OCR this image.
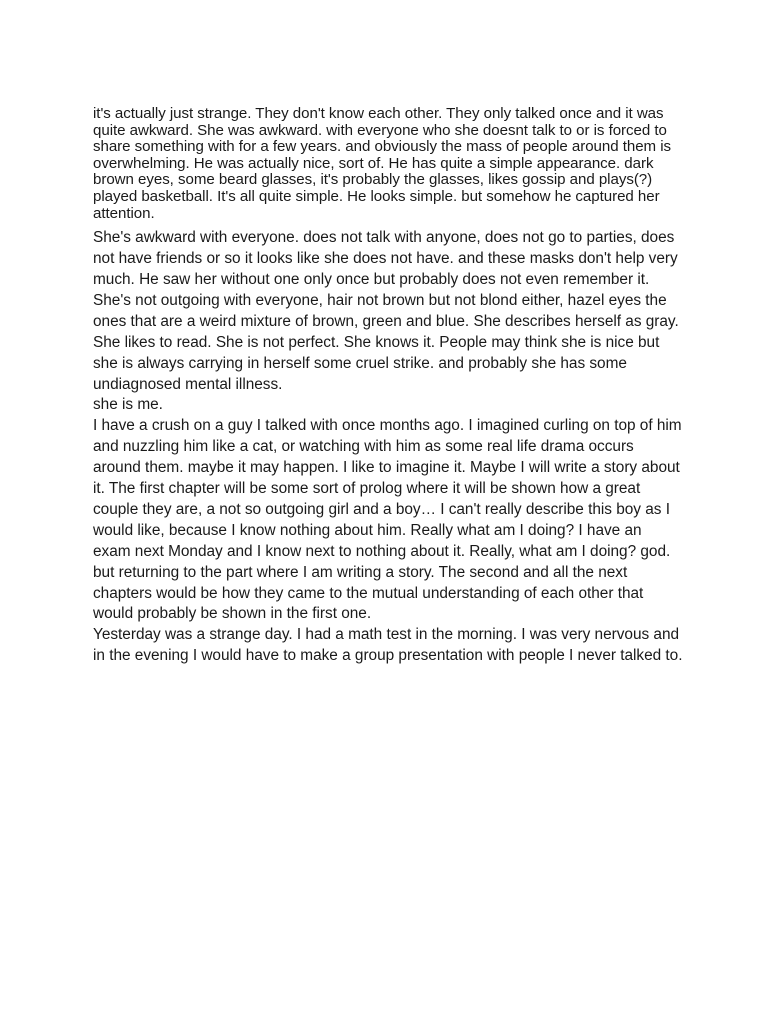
it's actually just strange. They don't know each other. They only talked once and it was quite awkward. She was awkward. with everyone who she doesnt talk to or is forced to share something with for a few years. and obviously the mass of people around them is overwhelming. He was actually nice, sort of. He has quite a simple appearance. dark brown eyes, some beard glasses, it's probably the glasses, likes gossip and plays(?) played basketball. It's all quite simple. He looks simple. but somehow he captured her attention.

She's awkward with everyone. does not talk with anyone, does not go to parties, does not have friends or so it looks like she does not have. and these masks don't help very much. He saw her without one only once but probably does not even remember it. She's not outgoing with everyone, hair not brown but not blond either, hazel eyes the ones that are a weird mixture of brown, green and blue. She describes herself as gray. She likes to read. She is not perfect. She knows it. People may think she is nice but she is always carrying in herself some cruel strike. and probably she has some undiagnosed mental illness.

she is me.

I have a crush on a guy I talked with once months ago. I imagined curling on top of him and nuzzling him like a cat, or watching with him as some real life drama occurs around them. maybe it may happen. I like to imagine it. Maybe I will write a story about it. The first chapter will be some sort of prolog where it will be shown how a great couple they are, a not so outgoing girl and a boy… I can't really describe this boy as I would like, because I know nothing about him. Really what am I doing? I have an exam next Monday and I know next to nothing about it. Really, what am I doing? god. but returning to the part where I am writing a story. The second and all the next chapters would be how they came to the mutual understanding of each other that would probably be shown in the first one.

Yesterday was a strange day. I had a math test in the morning. I was very nervous and in the evening I would have to make a group presentation with people I never talked to.
